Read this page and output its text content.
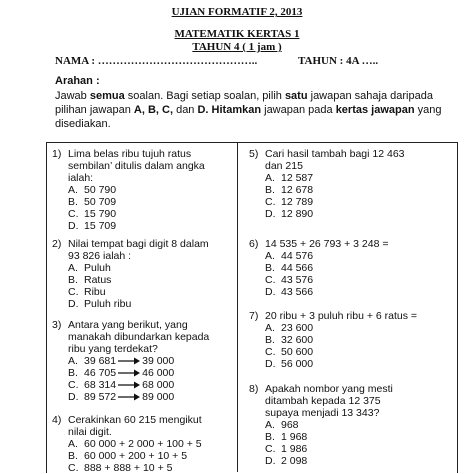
UJIAN FORMATIF 2, 2013
MATEMATIK KERTAS 1
TAHUN 4 ( 1 jam )
NAMA : ……………………………………..	TAHUN : 4A …..
Arahan :
Jawab semua soalan. Bagi setiap soalan, pilih satu jawapan sahaja daripada pilihan jawapan A, B, C, dan D. Hitamkan jawapan pada kertas jawapan yang disediakan.
1) Lima belas ribu tujuh ratus
sembilan’ ditulis dalam angka
ialah:
A. 50 790
B. 50 709
C. 15 790
D. 15 709
2) Nilai tempat bagi digit 8 dalam
93 826 ialah :
A. Puluh
B. Ratus
C. Ribu
D. Puluh ribu
3) Antara yang berikut, yang
manakah dibundarkan kepada
ribu yang terdekat?
A. 39 681 39 000
B. 46 705 46 000
C. 68 314 68 000
D. 89 572 89 000
4) Cerakinkan 60 215 mengikut
nilai digit.
A. 60 000 + 2 000 + 100 + 5
B. 60 000 + 200 + 10 + 5
C. 888 + 888 + 10 + 5
5) Cari hasil tambah bagi 12 463
dan 215
A. 12 587
B. 12 678
C. 12 789
D. 12 890
6) 14 535 + 26 793 + 3 248 =
A. 44 576
B. 44 566
C. 43 576
D. 43 566
7) 20 ribu + 3 puluh ribu + 6 ratus =
A. 23 600
B. 32 600
C. 50 600
D. 56 000
8) Apakah nombor yang mesti
ditambah kepada 12 375
supaya menjadi 13 343?
A. 968
B. 1 968
C. 1 986
D. 2 098
